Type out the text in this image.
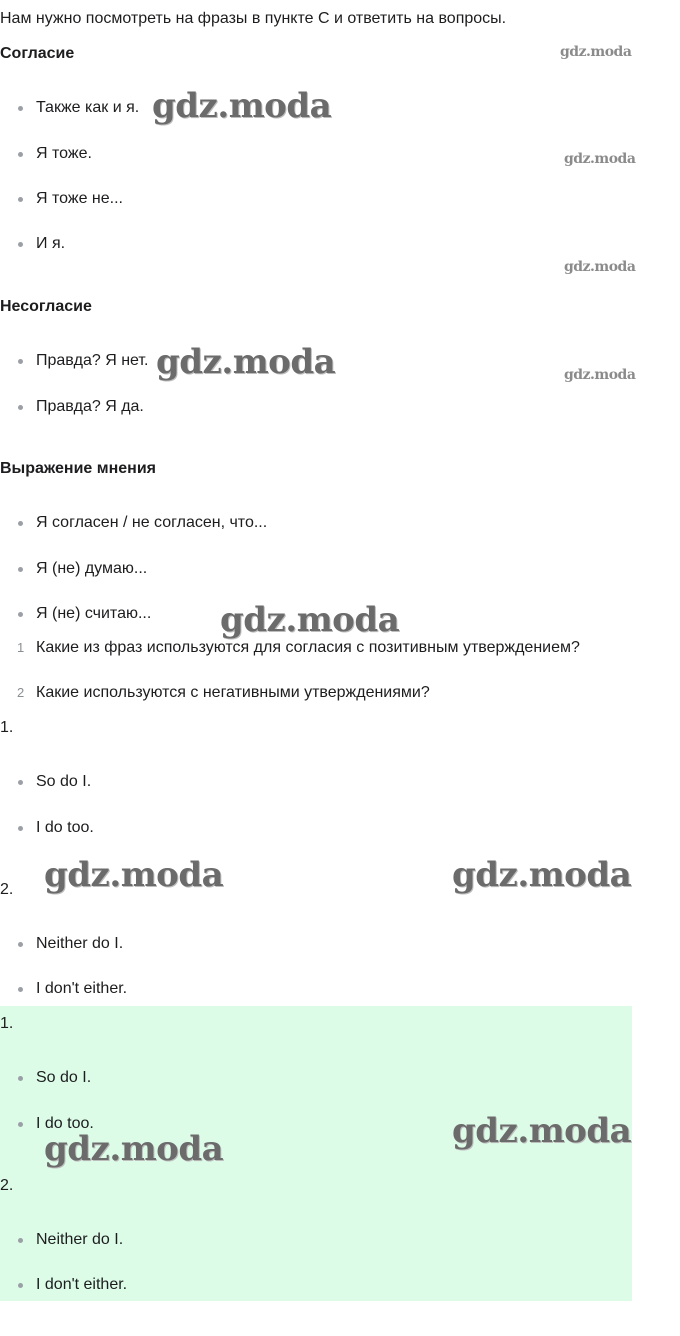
Нам нужно посмотреть на фразы в пункте С и ответить на вопросы.
Согласие
Также как и я.
Я тоже.
Я тоже не...
И я.
Несогласие
Правда? Я нет.
Правда? Я да.
Выражение мнения
Я согласен / не согласен, что...
Я (не) думаю...
Я (не) считаю...
1 Какие из фраз используются для согласия с позитивным утверждением?
2 Какие используются с негативными утверждениями?
1.
So do I.
I do too.
2.
Neither do I.
I don't either.
1.
So do I.
I do too.
2.
Neither do I.
I don't either.
gdz.moda
gdz.moda
gdz.moda
gdz.moda
gdz.moda	gdz.moda
gdz.moda
gdz.moda	gdz.moda
gdz.moda
gdz.moda
